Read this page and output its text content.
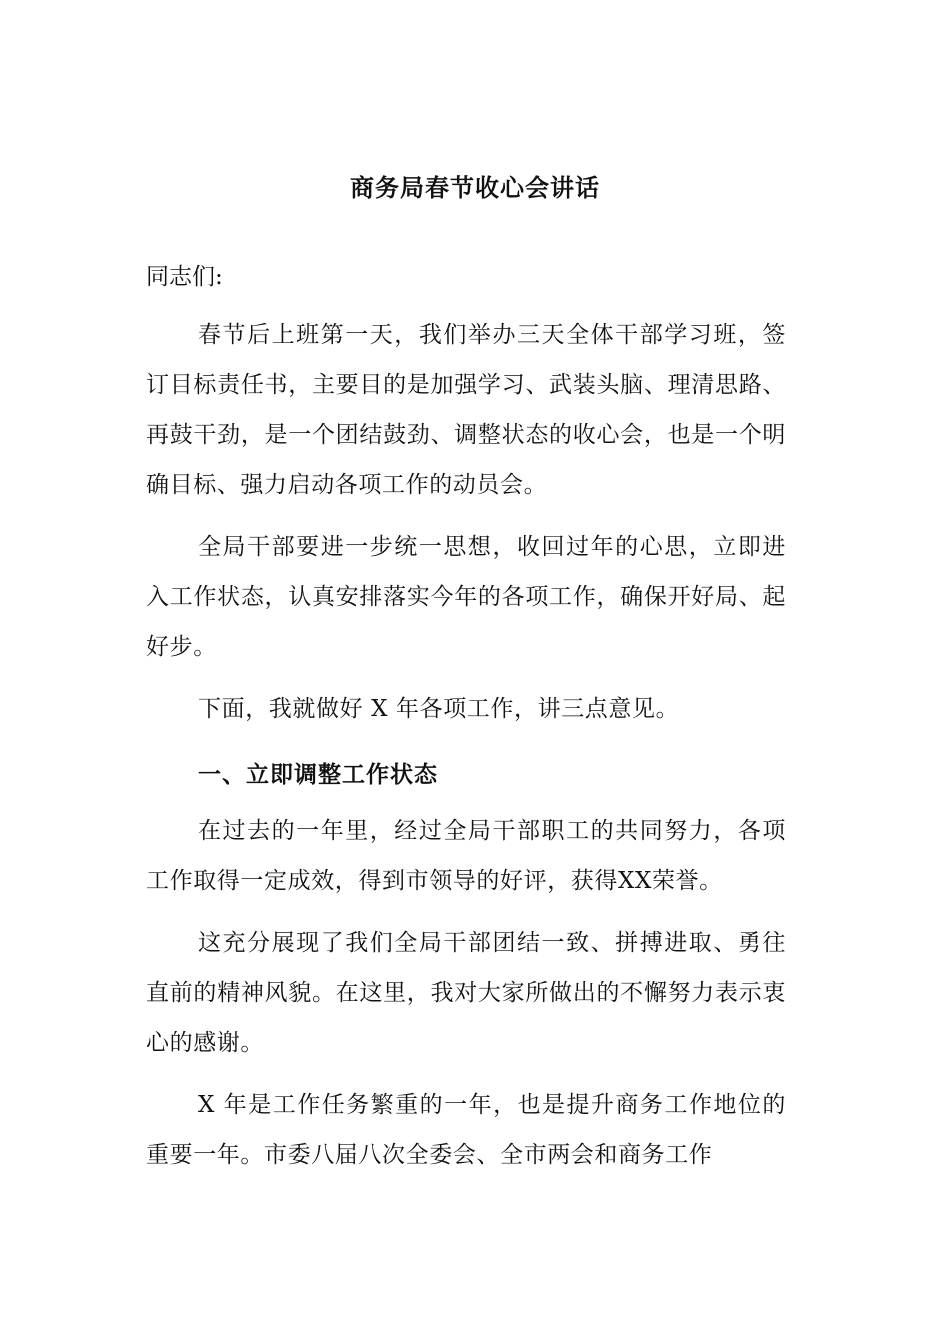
商务局春节收心会讲话
同志们:

春节后上班第一天，我们举办三天全体干部学习班，签订目标责任书，主要目的是加强学习、武装头脑、理清思路、再鼓干劲，是一个团结鼓劲、调整状态的收心会，也是一个明确目标、强力启动各项工作的动员会。

全局干部要进一步统一思想，收回过年的心思，立即进入工作状态，认真安排落实今年的各项工作，确保开好局、起好步。

下面，我就做好 X 年各项工作，讲三点意见。

一、立即调整工作状态

在过去的一年里，经过全局干部职工的共同努力，各项工作取得一定成效，得到市领导的好评，获得XX荣誉。

这充分展现了我们全局干部团结一致、拼搏进取、勇往直前的精神风貌。在这里，我对大家所做出的不懈努力表示衷心的感谢。

X 年是工作任务繁重的一年，也是提升商务工作地位的重要一年。市委八届八次全委会、全市两会和商务工作
